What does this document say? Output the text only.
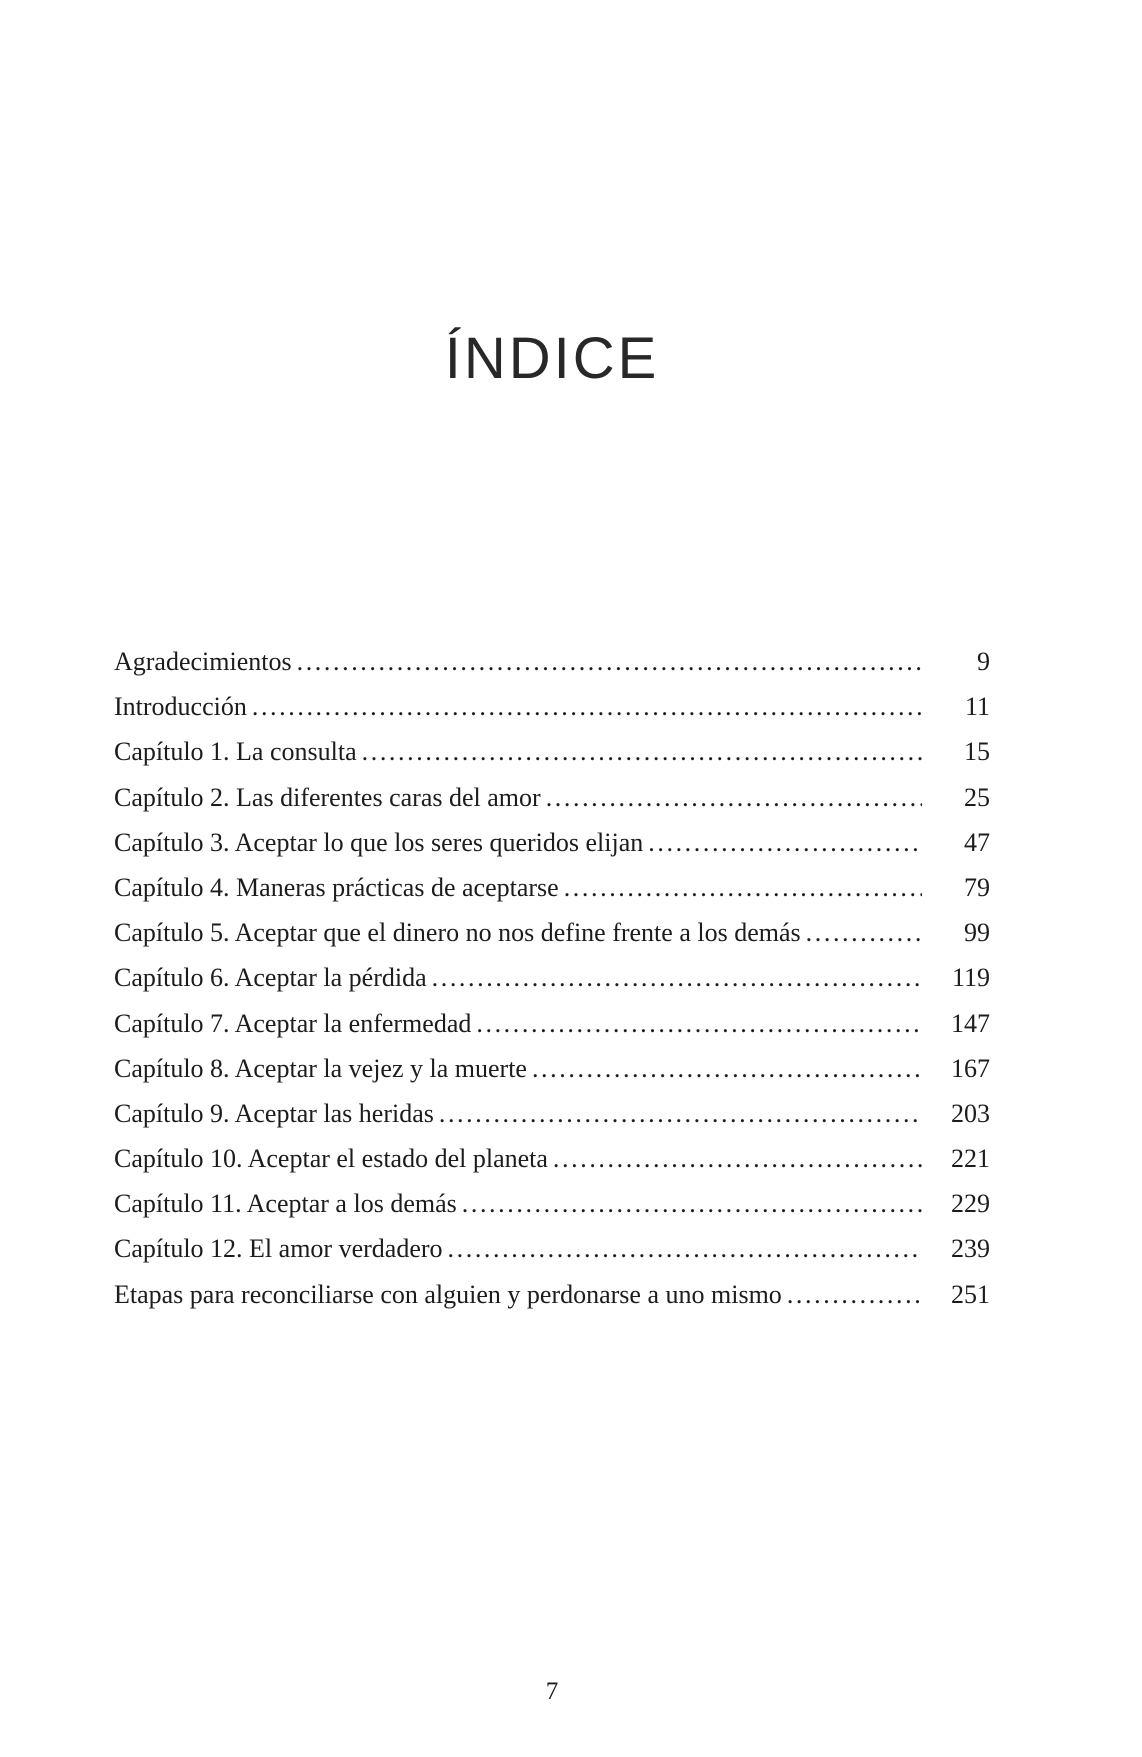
ÍNDICE
Agradecimientos .....	9
Introducción .....	11
Capítulo 1. La consulta .....	15
Capítulo 2. Las diferentes caras del amor .....	25
Capítulo 3. Aceptar lo que los seres queridos elijan .....	47
Capítulo 4. Maneras prácticas de aceptarse .....	79
Capítulo 5. Aceptar que el dinero no nos define frente a los demás .....	99
Capítulo 6. Aceptar la pérdida .....	119
Capítulo 7. Aceptar la enfermedad .....	147
Capítulo 8. Aceptar la vejez y la muerte .....	167
Capítulo 9. Aceptar las heridas .....	203
Capítulo 10. Aceptar el estado del planeta .....	221
Capítulo 11. Aceptar a los demás .....	229
Capítulo 12. El amor verdadero .....	239
Etapas para reconciliarse con alguien y perdonarse a uno mismo .....	251
7
